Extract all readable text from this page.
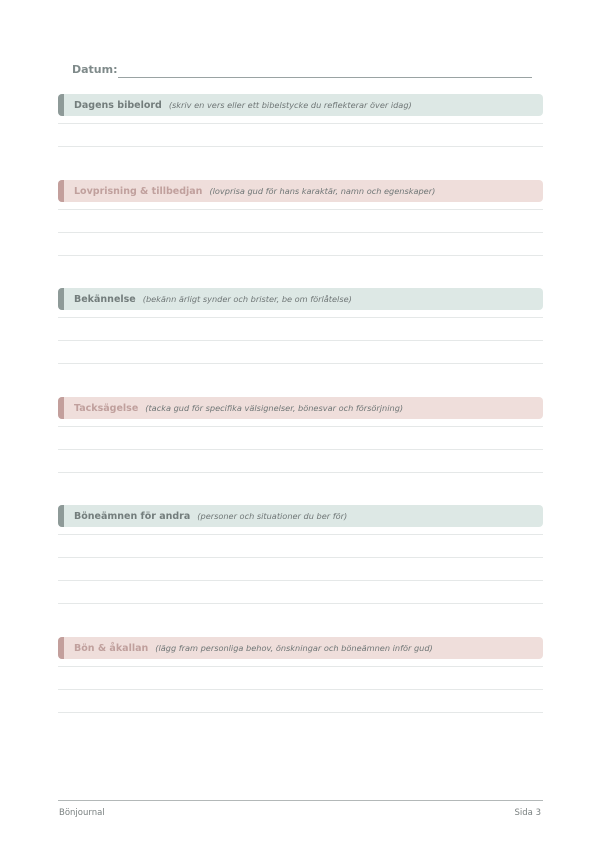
Datum:
Dagens bibelord (skriv en vers eller ett bibelstycke du reflekterar över idag)
Lovprisning & tillbedjan (lovprisa gud för hans karaktär, namn och egenskaper)
Bekännelse (bekänn ärligt synder och brister, be om förlåtelse)
Tacksägelse (tacka gud för specifika välsignelser, bönesvar och försörjning)
Böneämnen för andra (personer och situationer du ber för)
Bön & åkallan (lägg fram personliga behov, önskningar och böneämnen inför gud)
Bönjournal	Sida 3
